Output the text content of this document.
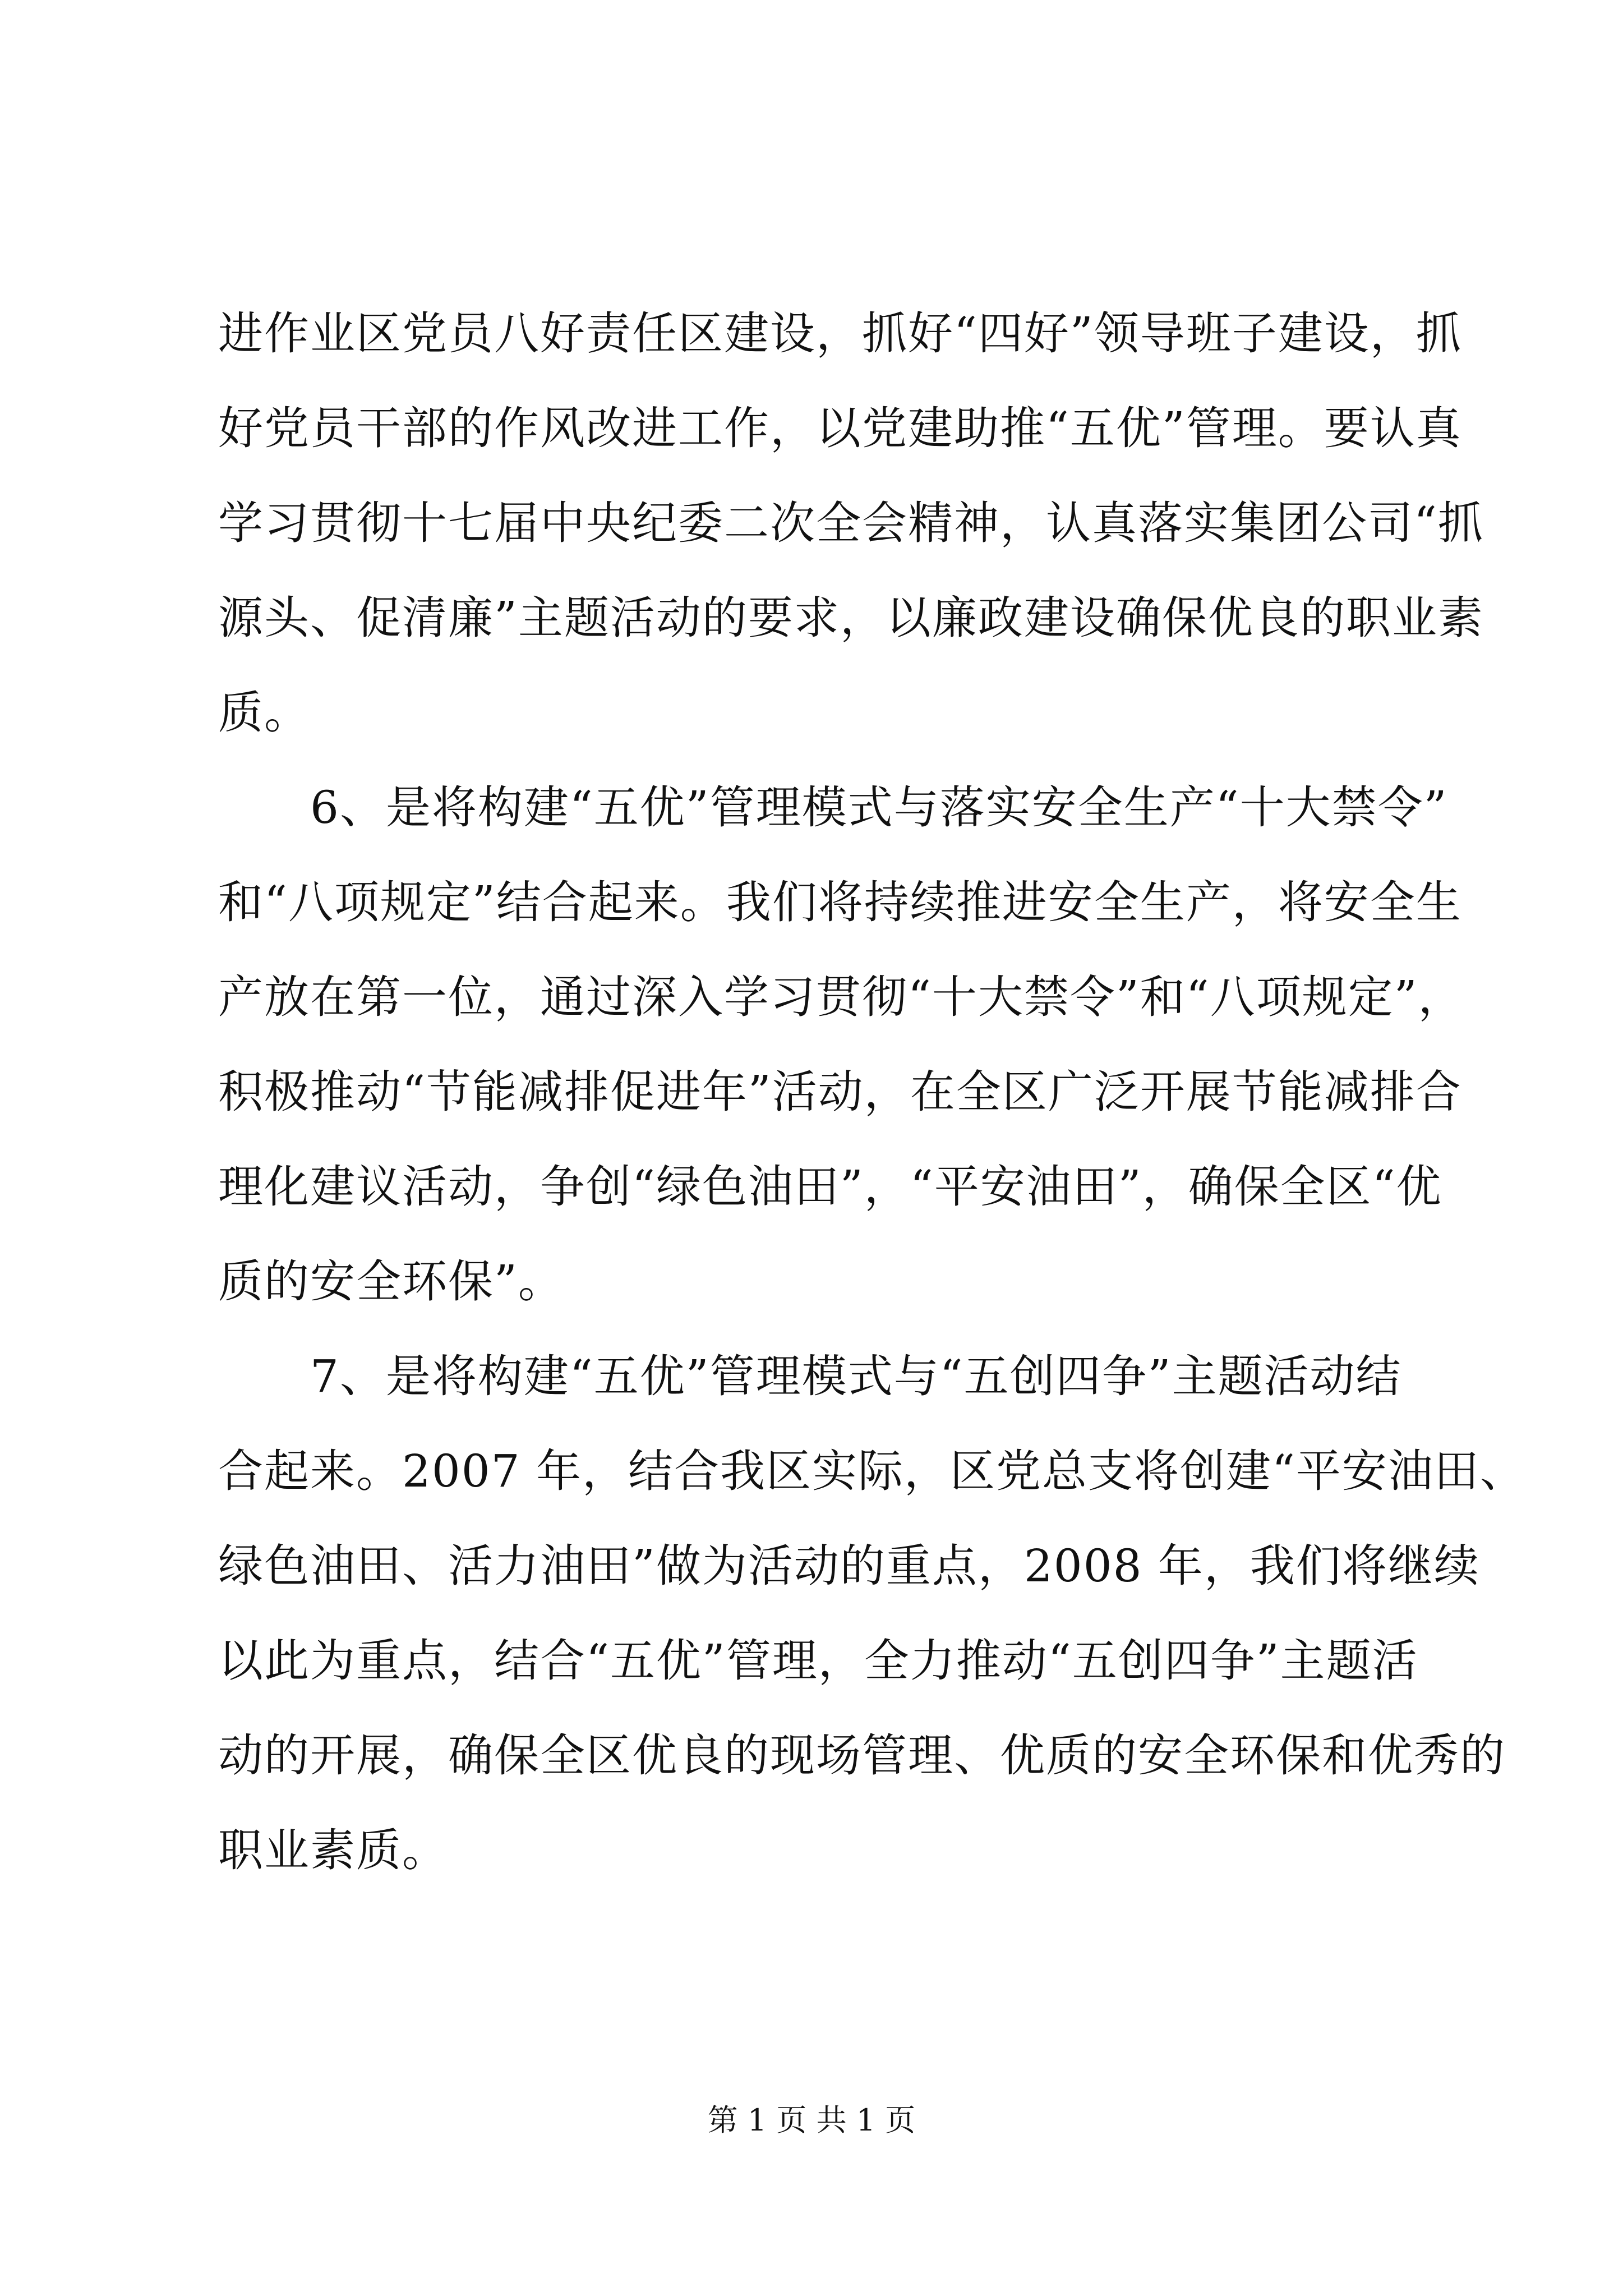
进作业区党员八好责任区建设，抓好“四好”领导班子建设，抓
好党员干部的作风改进工作，以党建助推“五优”管理。要认真
学习贯彻十七届中央纪委二次全会精神，认真落实集团公司“抓
源头、促清廉”主题活动的要求，以廉政建设确保优良的职业素
质。
　　6、是将构建“五优”管理模式与落实安全生产“十大禁令”
和“八项规定”结合起来。我们将持续推进安全生产，将安全生
产放在第一位，通过深入学习贯彻“十大禁令”和“八项规定”，
积极推动“节能减排促进年”活动，在全区广泛开展节能减排合
理化建议活动，争创“绿色油田”，“平安油田”，确保全区“优
质的安全环保”。
　　7、是将构建“五优”管理模式与“五创四争”主题活动结
合起来。2007 年，结合我区实际，区党总支将创建“平安油田、
绿色油田、活力油田”做为活动的重点，2008 年，我们将继续
以此为重点，结合“五优”管理，全力推动“五创四争”主题活
动的开展，确保全区优良的现场管理、优质的安全环保和优秀的
职业素质。
第 1 页 共 1 页
